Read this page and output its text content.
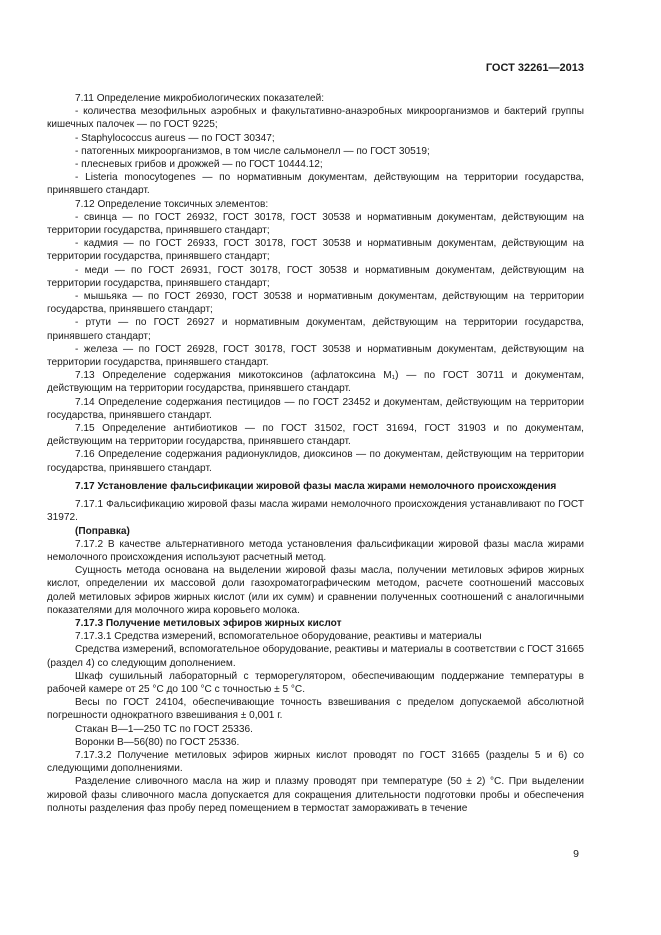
ГОСТ 32261—2013

7.11 Определение микробиологических показателей:

- количества мезофильных аэробных и факультативно-анаэробных микроорганизмов и бактерий группы кишечных палочек — по ГОСТ 9225;

- Staphylococcus aureus — по ГОСТ 30347;

- патогенных микроорганизмов, в том числе сальмонелл — по ГОСТ 30519;

- плесневых грибов и дрожжей — по ГОСТ 10444.12;

- Listeria monocytogenes — по нормативным документам, действующим на территории государства, принявшего стандарт.

7.12 Определение токсичных элементов:

- свинца — по ГОСТ 26932, ГОСТ 30178, ГОСТ 30538 и нормативным документам, действующим на территории государства, принявшего стандарт;

- кадмия — по ГОСТ 26933, ГОСТ 30178, ГОСТ 30538 и нормативным документам, действующим на территории государства, принявшего стандарт;

- меди — по ГОСТ 26931, ГОСТ 30178, ГОСТ 30538 и нормативным документам, действующим на территории государства, принявшего стандарт;

- мышьяка — по ГОСТ 26930, ГОСТ 30538 и нормативным документам, действующим на территории государства, принявшего стандарт;

- ртути — по ГОСТ 26927 и нормативным документам, действующим на территории государства, принявшего стандарт;

- железа — по ГОСТ 26928, ГОСТ 30178, ГОСТ 30538 и нормативным документам, действующим на территории государства, принявшего стандарт.

7.13 Определение содержания микотоксинов (афлатоксина М₁) — по ГОСТ 30711 и документам, действующим на территории государства, принявшего стандарт.

7.14 Определение содержания пестицидов — по ГОСТ 23452 и документам, действующим на территории государства, принявшего стандарт.

7.15 Определение антибиотиков — по ГОСТ 31502, ГОСТ 31694, ГОСТ 31903 и по документам, действующим на территории государства, принявшего стандарт.

7.16 Определение содержания радионуклидов, диоксинов — по документам, действующим на территории государства, принявшего стандарт.

7.17 Установление фальсификации жировой фазы масла жирами немолочного происхождения

7.17.1 Фальсификацию жировой фазы масла жирами немолочного происхождения устанавливают по ГОСТ 31972.

(Поправка)

7.17.2 В качестве альтернативного метода установления фальсификации жировой фазы масла жирами немолочного происхождения используют расчетный метод.

Сущность метода основана на выделении жировой фазы масла, получении метиловых эфиров жирных кислот, определении их массовой доли газохроматографическим методом, расчете соотношений массовых долей метиловых эфиров жирных кислот (или их сумм) и сравнении полученных соотношений с аналогичными показателями для молочного жира коровьего молока.

7.17.3 Получение метиловых эфиров жирных кислот

7.17.3.1 Средства измерений, вспомогательное оборудование, реактивы и материалы

Средства измерений, вспомогательное оборудование, реактивы и материалы в соответствии с ГОСТ 31665 (раздел 4) со следующим дополнением.

Шкаф сушильный лабораторный с терморегулятором, обеспечивающим поддержание температуры в рабочей камере от 25 °С до 100 °С с точностью ± 5 °С.

Весы по ГОСТ 24104, обеспечивающие точность взвешивания с пределом допускаемой абсолютной погрешности однократного взвешивания ± 0,001 г.

Стакан В—1—250 ТС по ГОСТ 25336.

Воронки В—56(80) по ГОСТ 25336.

7.17.3.2 Получение метиловых эфиров жирных кислот проводят по ГОСТ 31665 (разделы 5 и 6) со следующими дополнениями.

Разделение сливочного масла на жир и плазму проводят при температуре (50 ± 2) °С. При выделении жировой фазы сливочного масла допускается для сокращения длительности подготовки пробы и обеспечения полноты разделения фаз пробу перед помещением в термостат замораживать в течение

9
